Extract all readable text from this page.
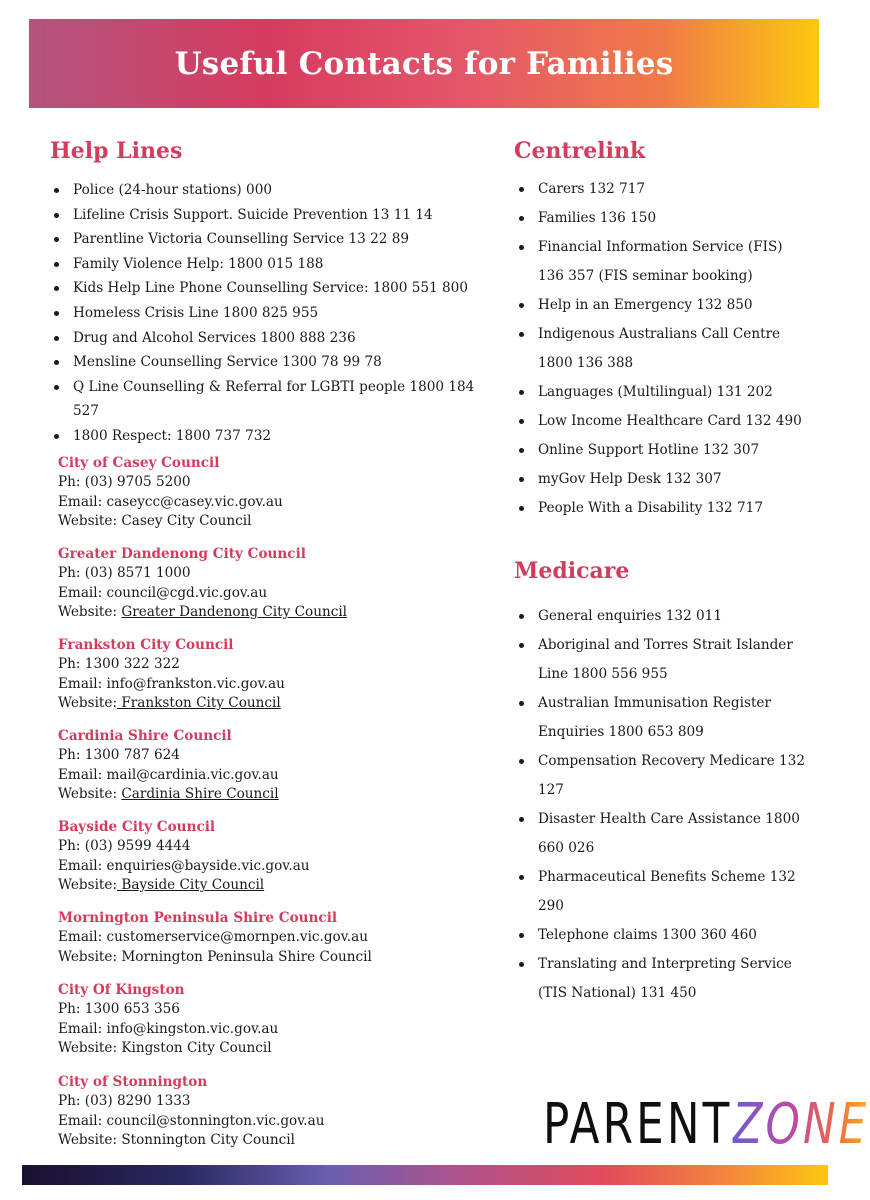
Useful Contacts for Families
Help Lines
Police (24-hour stations) 000
Lifeline Crisis Support. Suicide Prevention 13 11 14
Parentline Victoria Counselling Service 13 22 89
Family Violence Help: 1800 015 188
Kids Help Line Phone Counselling Service: 1800 551 800
Homeless Crisis Line 1800 825 955
Drug and Alcohol Services 1800 888 236
Mensline Counselling Service 1300 78 99 78
Q Line Counselling & Referral for LGBTI people 1800 184 527
1800 Respect: 1800 737 732
City of Casey Council
Ph: (03) 9705 5200
Email: caseycc@casey.vic.gov.au
Website: Casey City Council
Greater Dandenong City Council
Ph: (03) 8571 1000
Email: council@cgd.vic.gov.au
Website: Greater Dandenong City Council
Frankston City Council
Ph: 1300 322 322
Email: info@frankston.vic.gov.au
Website: Frankston City Council
Cardinia Shire Council
Ph: 1300 787 624
Email: mail@cardinia.vic.gov.au
Website: Cardinia Shire Council
Bayside City Council
Ph: (03) 9599 4444
Email: enquiries@bayside.vic.gov.au
Website: Bayside City Council
Mornington Peninsula Shire Council
Email: customerservice@mornpen.vic.gov.au
Website: Mornington Peninsula Shire Council
City Of Kingston
Ph: 1300 653 356
Email: info@kingston.vic.gov.au
Website: Kingston City Council
City of Stonnington
Ph: (03) 8290 1333
Email: council@stonnington.vic.gov.au
Website: Stonnington City Council
Centrelink
Carers 132 717
Families 136 150
Financial Information Service (FIS) 136 357 (FIS seminar booking)
Help in an Emergency 132 850
Indigenous Australians Call Centre 1800 136 388
Languages (Multilingual) 131 202
Low Income Healthcare Card 132 490
Online Support Hotline 132 307
myGov Help Desk 132 307
People With a Disability 132 717
Medicare
General enquiries 132 011
Aboriginal and Torres Strait Islander Line 1800 556 955
Australian Immunisation Register Enquiries 1800 653 809
Compensation Recovery Medicare 132 127
Disaster Health Care Assistance 1800 660 026
Pharmaceutical Benefits Scheme 132 290
Telephone claims 1300 360 460
Translating and Interpreting Service (TIS National) 131 450
PARENT ZONE
